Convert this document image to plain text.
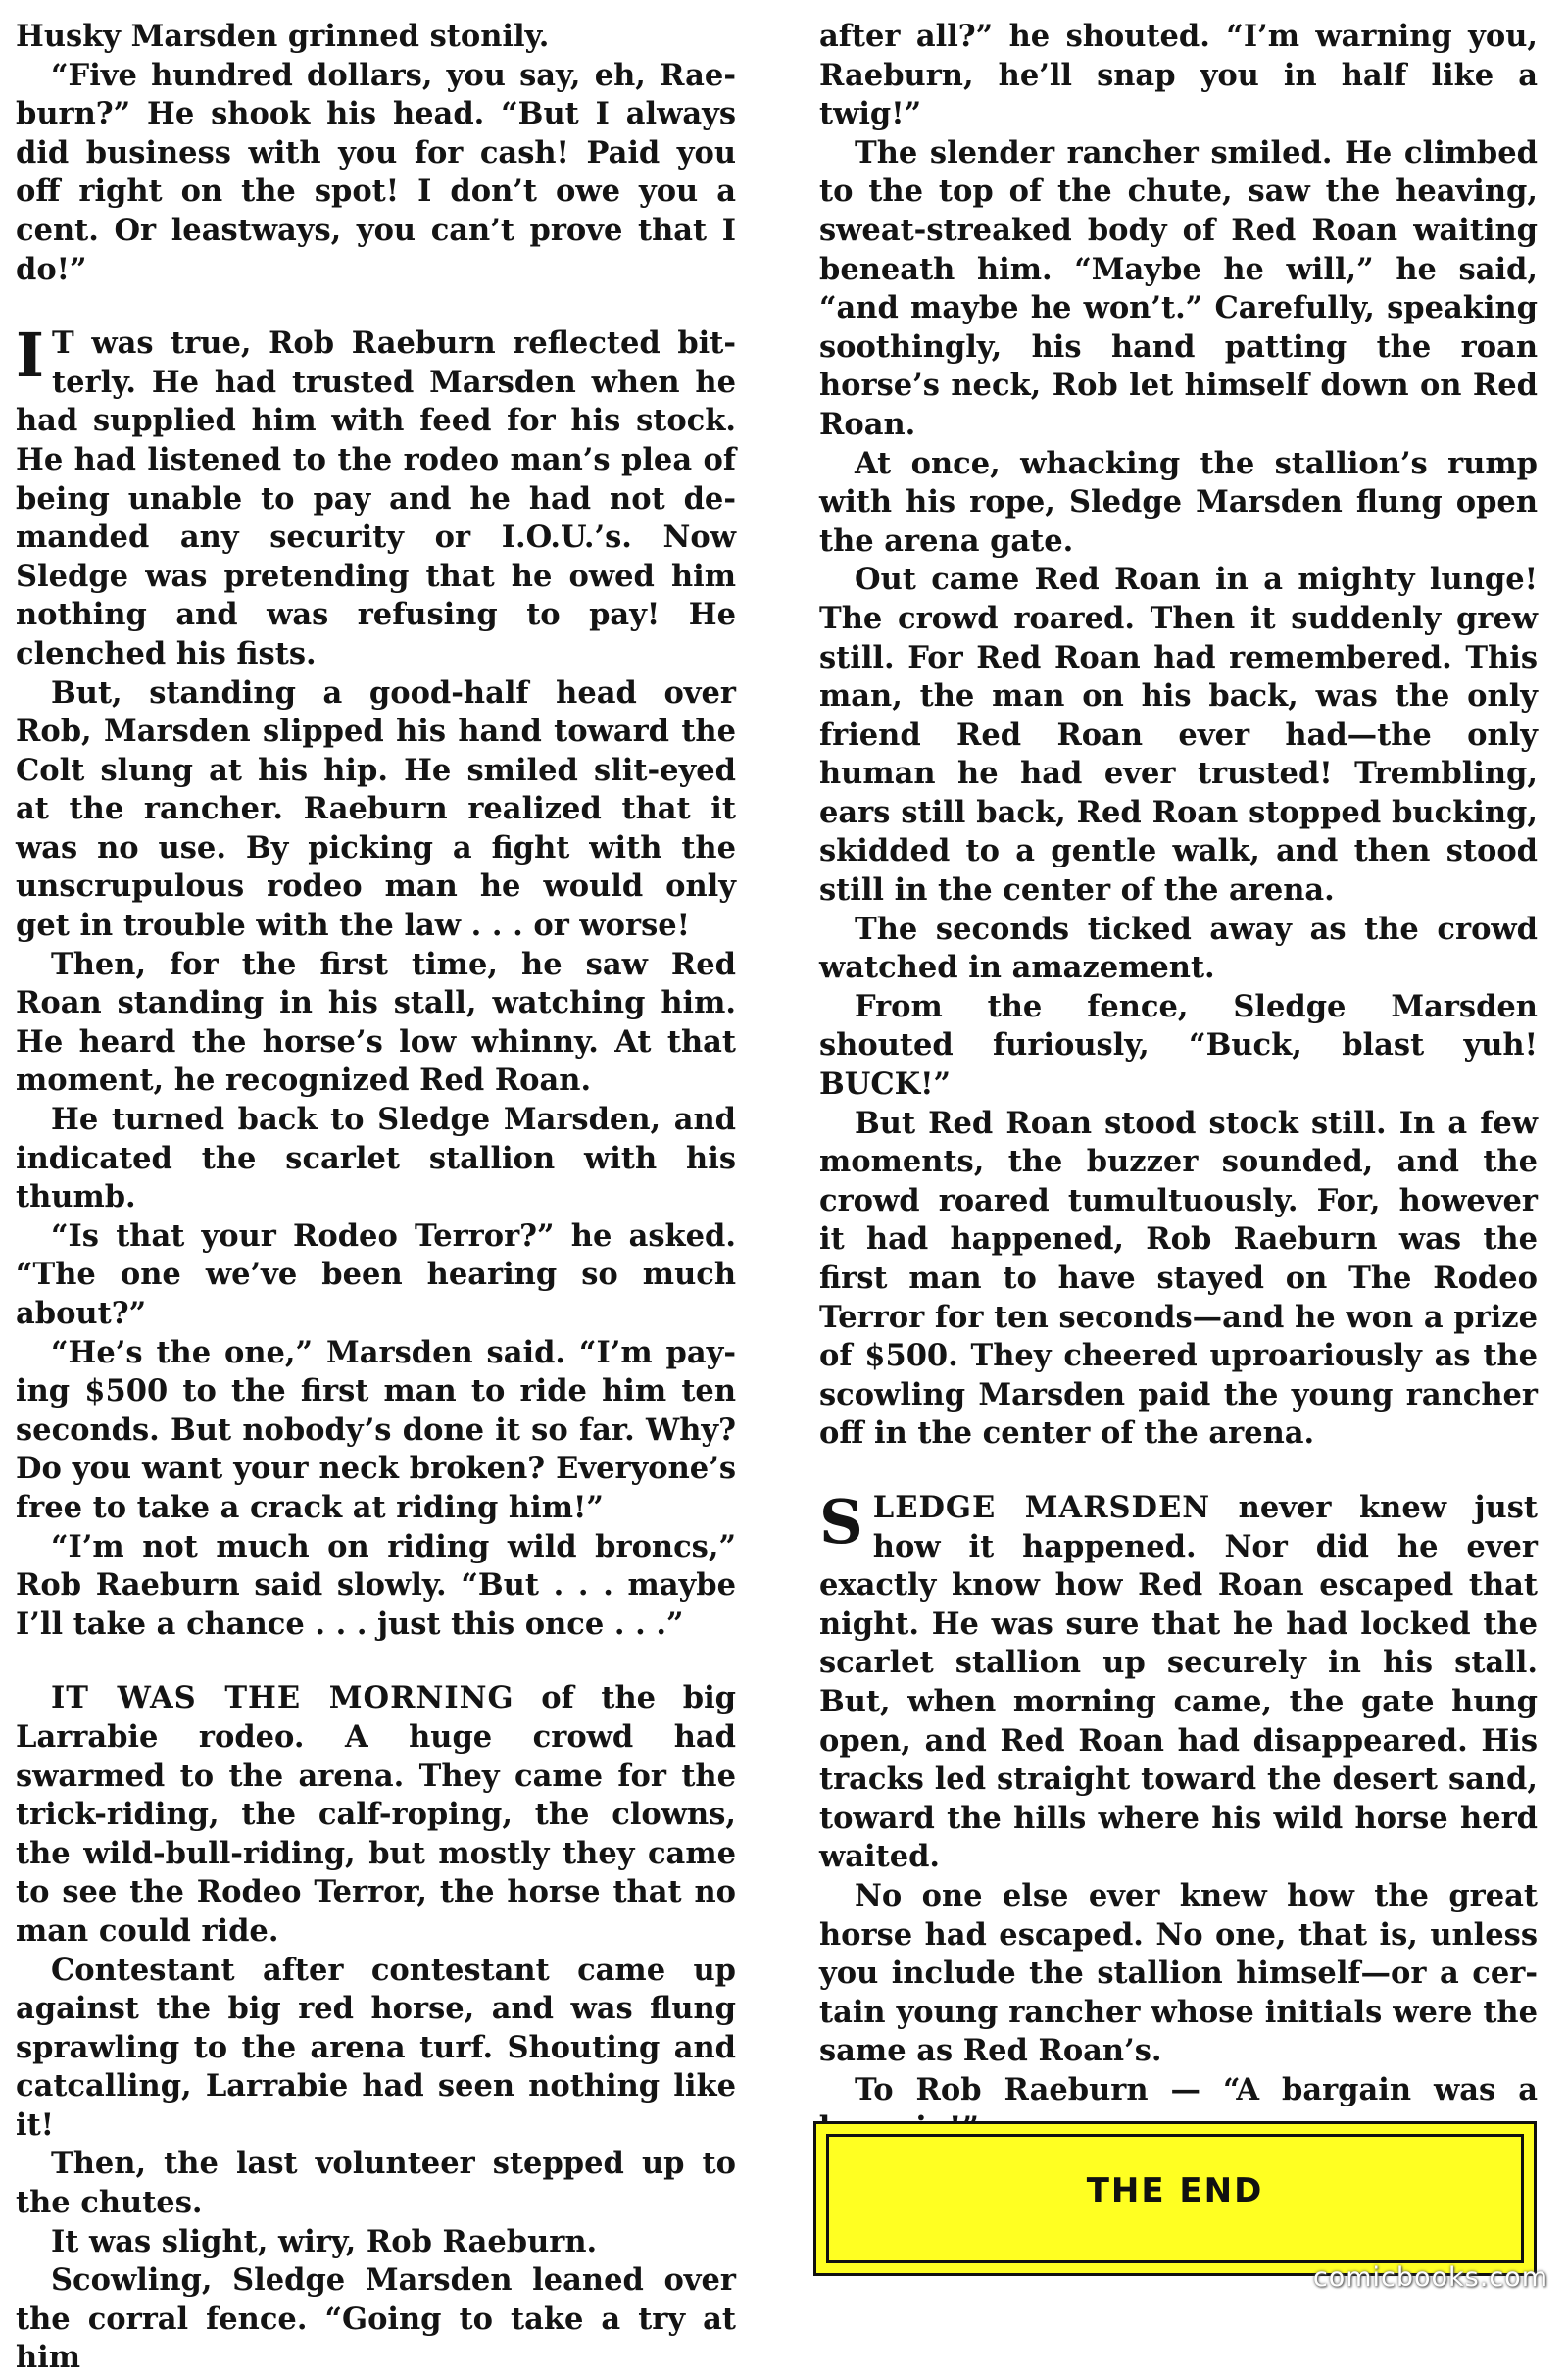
Husky Marsden grinned stonily.

“Five hundred dollars, you say, eh, Raeburn?” He shook his head. “But I always did business with you for cash! Paid you off right on the spot! I don’t owe you a cent. Or leastways, you can’t prove that I do!”

I T was true, Rob Raeburn reflected bitterly. He had trusted Marsden when he had supplied him with feed for his stock. He had listened to the rodeo man’s plea of being unable to pay and he had not demanded any security or I.O.U.’s. Now Sledge was pretending that he owed him nothing and was refusing to pay! He clenched his fists.

But, standing a good-half head over Rob, Marsden slipped his hand toward the Colt slung at his hip. He smiled slit-eyed at the rancher. Raeburn realized that it was no use. By picking a fight with the unscrupulous rodeo man he would only get in trouble with the law . . . or worse!

Then, for the first time, he saw Red Roan standing in his stall, watching him. He heard the horse’s low whinny. At that moment, he recognized Red Roan.

He turned back to Sledge Marsden, and indicated the scarlet stallion with his thumb.

“Is that your Rodeo Terror?” he asked. “The one we’ve been hearing so much about?”

“He’s the one,” Marsden said. “I’m paying $500 to the first man to ride him ten seconds. But nobody’s done it so far. Why? Do you want your neck broken? Everyone’s free to take a crack at riding him!”

“I’m not much on riding wild broncs,” Rob Raeburn said slowly. “But . . . maybe I’ll take a chance . . . just this once . . .”

IT WAS THE MORNING of the big Larrabie rodeo. A huge crowd had swarmed to the arena. They came for the trick-riding, the calf-roping, the clowns, the wild-bull-riding, but mostly they came to see the Rodeo Terror, the horse that no man could ride.

Contestant after contestant came up against the big red horse, and was flung sprawling to the arena turf. Shouting and catcalling, Larrabie had seen nothing like it!

Then, the last volunteer stepped up to the chutes.

It was slight, wiry, Rob Raeburn.

Scowling, Sledge Marsden leaned over the corral fence. “Going to take a try at him

after all?” he shouted. “I’m warning you, Raeburn, he’ll snap you in half like a twig!”

The slender rancher smiled. He climbed to the top of the chute, saw the heaving, sweat-streaked body of Red Roan waiting beneath him. “Maybe he will,” he said, “and maybe he won’t.” Carefully, speaking soothingly, his hand patting the roan horse’s neck, Rob let himself down on Red Roan.

At once, whacking the stallion’s rump with his rope, Sledge Marsden flung open the arena gate.

Out came Red Roan in a mighty lunge! The crowd roared. Then it suddenly grew still. For Red Roan had remembered. This man, the man on his back, was the only friend Red Roan ever had—the only human he had ever trusted! Trembling, ears still back, Red Roan stopped bucking, skidded to a gentle walk, and then stood still in the center of the arena.

The seconds ticked away as the crowd watched in amazement.

From the fence, Sledge Marsden shouted furiously, “Buck, blast yuh! BUCK!”

But Red Roan stood stock still. In a few moments, the buzzer sounded, and the crowd roared tumultuously. For, however it had happened, Rob Raeburn was the first man to have stayed on The Rodeo Terror for ten seconds—and he won a prize of $500. They cheered uproariously as the scowling Marsden paid the young rancher off in the center of the arena.

SLEDGE MARSDEN never knew just how it happened. Nor did he ever exactly know how Red Roan escaped that night. He was sure that he had locked the scarlet stallion up securely in his stall. But, when morning came, the gate hung open, and Red Roan had disappeared. His tracks led straight toward the desert sand, toward the hills where his wild horse herd waited.

No one else ever knew how the great horse had escaped. No one, that is, unless you include the stallion himself—or a certain young rancher whose initials were the same as Red Roan’s.

To Rob Raeburn — “A bargain was a

THE END
comicbooks.com
